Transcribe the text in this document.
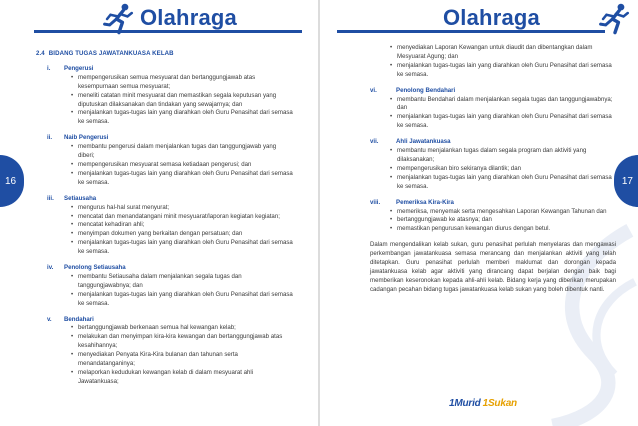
Olahraga
16
2.4 BIDANG TUGAS JAWATANKUASA KELAB
i.	Pengerusi
• mempengerusikan semua mesyuarat dan bertanggungjawab atas kesempurnaan semua mesyuarat;
• meneliti catatan minit mesyuarat dan memastikan segala keputusan yang diputuskan dilaksanakan dan tindakan yang sewajarnya; dan
• menjalankan tugas-tugas lain yang diarahkan oleh Guru Penasihat dari semasa ke semasa.
ii.	Naib Pengerusi
• membantu pengerusi dalam menjalankan tugas dan tanggungjawab yang diberi;
• mempengerusikan mesyuarat semasa ketiadaan pengerusi; dan
• menjalankan tugas-tugas lain yang diarahkan oleh Guru Penasihat dari semasa ke semasa.
iii.	Setiausaha
• mengurus hal-hal surat menyurat;
• mencatat dan menandatangani minit mesyuarat/laporan kegiatan kegiatan;
• mencatat kehadiran ahli;
• menyimpan dokumen yang berkaitan dengan persatuan; dan
• menjalankan tugas-tugas lain yang diarahkan oleh Guru Penasihat dari semasa ke semasa.
iv.	Penolong Setiausaha
• membantu Setiausaha dalam menjalankan segala tugas dan tanggungjawabnya; dan
• menjalankan tugas-tugas lain yang diarahkan oleh Guru Penasihat dari semasa ke semasa.
v.	Bendahari
• bertanggungjawab berkenaan semua hal kewangan kelab;
• melakukan dan menyimpan kira-kira kewangan dan bertanggungjawab atas kesahihannya;
• menyediakan Penyata Kira-Kira bulanan dan tahunan serta menandatanganinya;
• melaporkan kedudukan kewangan kelab di dalam mesyuarat ahli Jawatankuasa;
Olahraga
17
• menyediakan Laporan Kewangan untuk diaudit dan dibentangkan dalam Mesyuarat Agung; dan
• menjalankan tugas-tugas lain yang diarahkan oleh Guru Penasihat dari semasa ke semasa.
vi.	Penolong Bendahari
• membantu Bendahari dalam menjalankan segala tugas dan tanggungjawabnya; dan
• menjalankan tugas-tugas lain yang diarahkan oleh Guru Penasihat dari semasa ke semasa.
vii.	Ahli Jawatankuasa
• membantu menjalankan tugas dalam segala program dan aktiviti yang dilaksanakan;
• mempengerusikan biro sekiranya dilantik; dan
• menjalankan tugas-tugas lain yang diarahkan oleh Guru Penasihat dari semasa ke semasa.
viii.	Pemeriksa Kira-Kira
• memeriksa, menyemak serta mengesahkan Laporan Kewangan Tahunan dan
• bertanggungjawab ke atasnya; dan
• memastikan pengurusan kewangan diurus dengan betul.
Dalam mengendalikan kelab sukan, guru penasihat perlulah menyelaras dan mengawasi perkembangan jawatankuasa semasa merancang dan menjalankan aktiviti yang telah ditetapkan. Guru penasihat perlulah memberi maklumat dan dorongan kepada jawatankuasa kelab agar aktiviti yang dirancang dapat berjalan dengan baik bagi memberikan keseronokan kepada ahli-ahli kelab. Bidang kerja yang diberikan merupakan cadangan pecahan bidang tugas jawatankuasa kelab sukan yang boleh dibentuk nanti.
1Murid 1Sukan
